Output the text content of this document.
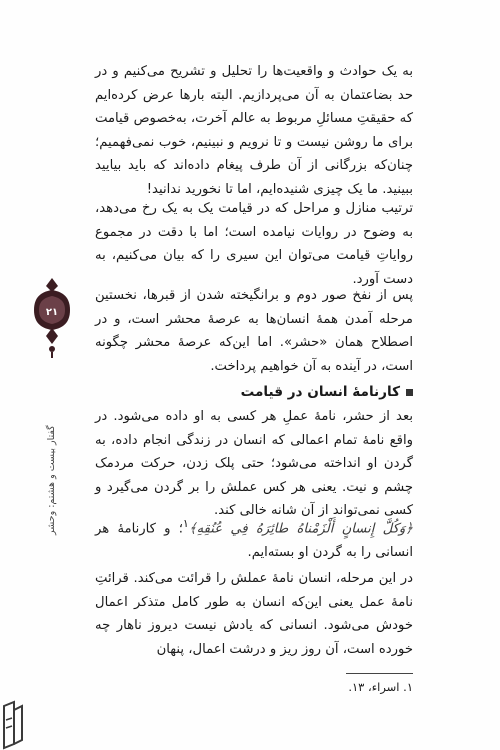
به یک حوادث و واقعیت‌ها را تحلیل و تشریح می‌کنیم و در حد بضاعتمان به آن می‌پردازیم. البته بارها عرض کرده‌ایم که حقیقتِ مسائلِ مربوط به عالم آخرت، به‌خصوص قیامت برای ما روشن نیست و تا نرویم و نبینیم، خوب نمی‌فهمیم؛ چنان‌که بزرگانی از آن طرف پیغام داده‌اند که باید بیایید ببینید. ما یک چیزی شنیده‌ایم، اما تا نخورید ندانید!
ترتیب منازل و مراحل که در قیامت یک به یک رخ می‌دهد، به وضوح در روایات نیامده است؛ اما با دقت در مجموع روایاتِ قیامت می‌توان این سیری را که بیان می‌کنیم، به دست آورد.
پس از نفخ صور دوم و برانگیخته شدن از قبرها، نخستین مرحله آمدن همهٔ انسان‌ها به عرصهٔ محشر است، و در اصطلاح همان «حشر». اما این‌که عرصهٔ محشر چگونه است، در آینده به آن خواهیم پرداخت.
کارنامهٔ انسان در قیامت
بعد از حشر، نامهٔ عملِ هر کسی به او داده می‌شود. در واقع نامهٔ تمام اعمالی که انسان در زندگی انجام داده، به گردن او انداخته می‌شود؛ حتی پلک زدن، حرکت مردمک چشم و نیت. یعنی هر کس عملش را بر گردن می‌گیرد و کسی نمی‌تواند از آن شانه خالی کند.
﴿وَكُلَّ إِنسانٍ أَلْزَمْناهُ طائِرَهُ فِي عُنُقِهِ﴾$^۱$؛ و کارنامهٔ هر انسانی را به گردن او بسته‌ایم.
در این مرحله، انسان نامهٔ عملش را قرائت می‌کند. قرائتِ نامهٔ عمل یعنی این‌که انسان به طور کامل متذکر اعمال خودش می‌شود. انسانی که یادش نیست دیروز ناهار چه خورده است، آن روز ریز و درشت اعمال، پنهان
۱. اسراء، ۱۳.
۲۱
گفتار بیست و هشتم: وحشر
